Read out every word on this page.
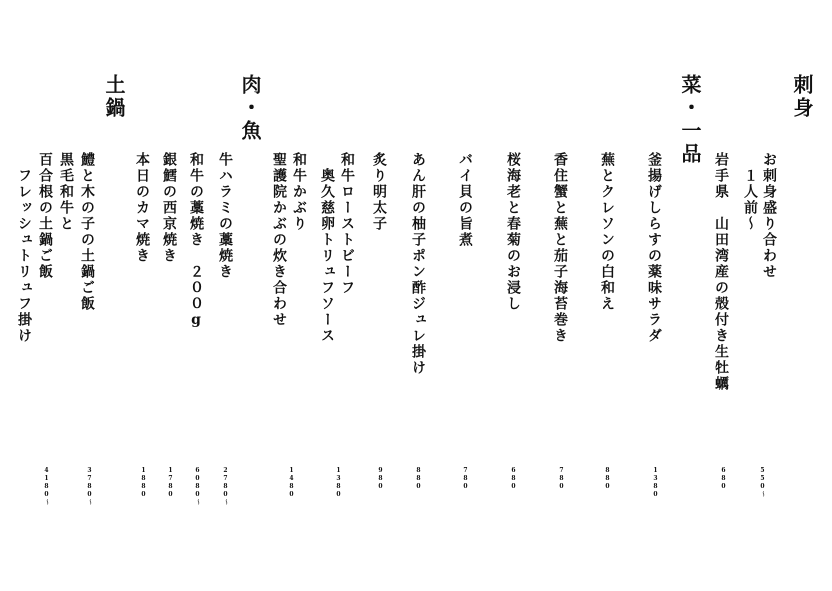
刺身
菜・一品
肉・魚
土鍋
お刺身盛り合わせ
　１人前〜
岩手県　山田湾産の殻付き生牡蠣
釜揚げしらすの薬味サラダ
蕪とクレソンの白和え
香住蟹と蕪と茄子海苔巻き
桜海老と春菊のお浸し
バイ貝の旨煮
あん肝の柚子ポン酢ジュレ掛け
炙り明太子
和牛ローストビーフ
　奥久慈卵トリュフソース
和牛かぶり
聖護院かぶの炊き合わせ
牛ハラミの藁焼き
和牛の藁焼き　２００g
銀鱈の西京焼き
本日のカマ焼き
鱧と木の子の土鍋ご飯
黒毛和牛と
百合根の土鍋ご飯
　フレッシュトリュフ掛け
550〜
680
1380
880
780
680
780
880
980
1380
1480
2780〜
6080〜
1780
1880
3780〜
4180〜
